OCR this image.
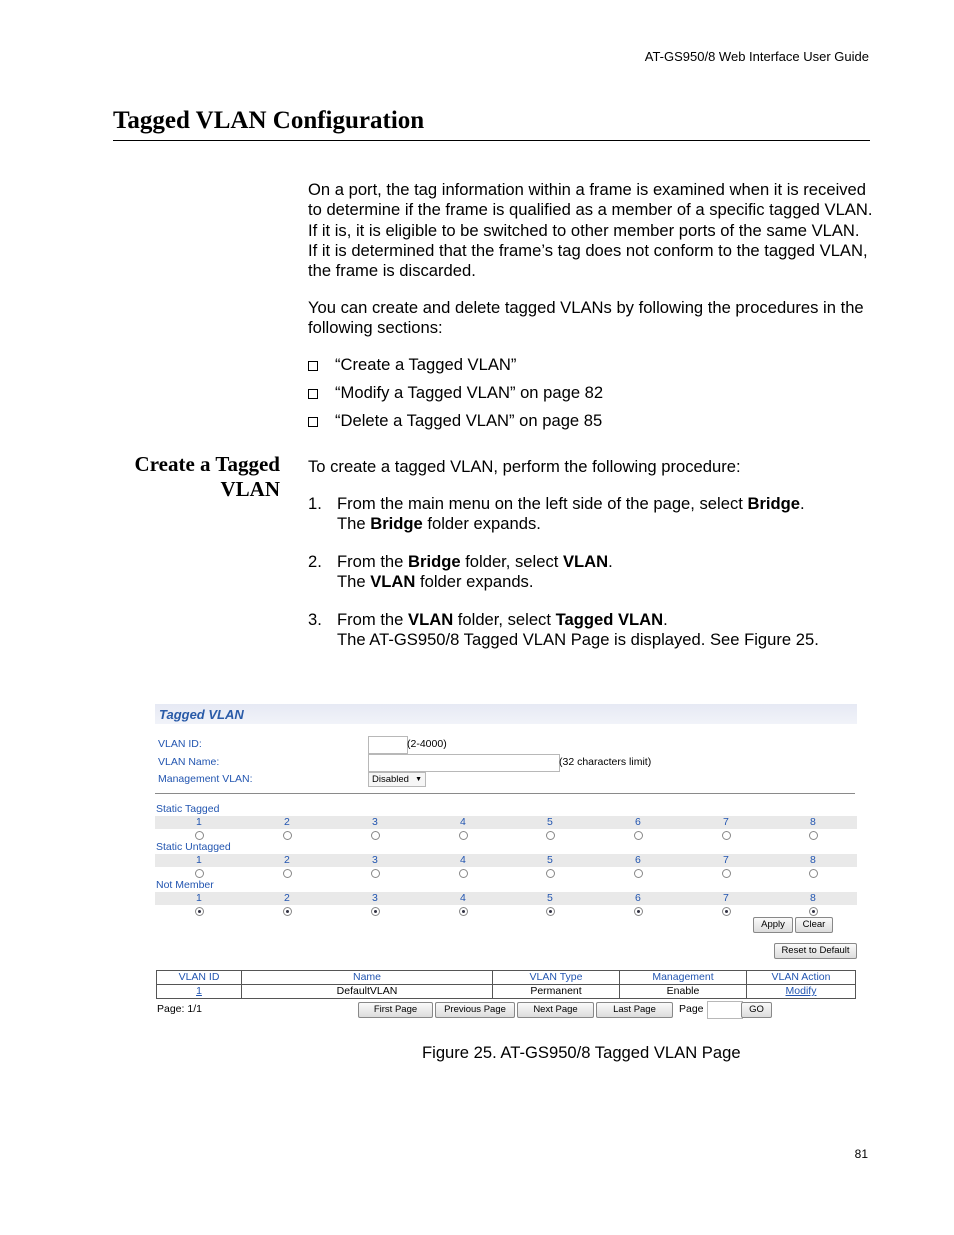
AT-GS950/8 Web Interface User Guide
Tagged VLAN Configuration
On a port, the tag information within a frame is examined when it is received to determine if the frame is qualified as a member of a specific tagged VLAN. If it is, it is eligible to be switched to other member ports of the same VLAN. If it is determined that the frame’s tag does not conform to the tagged VLAN, the frame is discarded.
You can create and delete tagged VLANs by following the procedures in the following sections:
“Create a Tagged VLAN”
“Modify a Tagged VLAN” on page 82
“Delete a Tagged VLAN” on page 85
Create a Tagged
VLAN
To create a tagged VLAN, perform the following procedure:
1. From the main menu on the left side of the page, select Bridge.
The Bridge folder expands.
2. From the Bridge folder, select VLAN.
The VLAN folder expands.
3. From the VLAN folder, select Tagged VLAN.
The AT-GS950/8 Tagged VLAN Page is displayed. See Figure 25.
Tagged VLAN
VLAN ID:	(2-4000)
VLAN Name:	(32 characters limit)
Management VLAN:	Disabled ▼
Static Tagged
1	2	3	4	5	6	7	8
Static Untagged
1	2	3	4	5	6	7	8
Not Member
1	2	3	4	5	6	7	8
Apply	Clear
Reset to Default
VLAN ID	Name	VLAN Type	Management	VLAN Action
1	DefaultVLAN	Permanent	Enable	Modify
Page: 1/1	First Page	Previous Page	Next Page	Last Page	Page	GO
Figure 25. AT-GS950/8 Tagged VLAN Page
81
